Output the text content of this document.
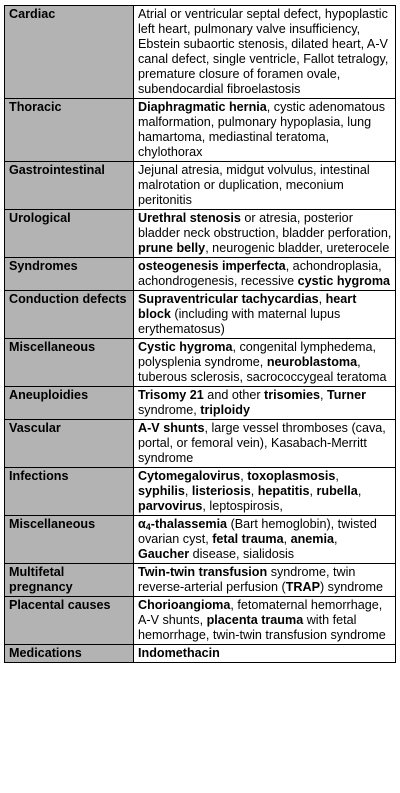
Cardiac	Atrial or ventricular septal defect, hypoplastic left heart, pulmonary valve insufficiency, Ebstein subaortic stenosis, dilated heart, A-V canal defect, single ventricle, Fallot tetralogy, premature closure of foramen ovale, subendocardial fibroelastosis
Thoracic	Diaphragmatic hernia, cystic adenomatous malformation, pulmonary hypoplasia, lung hamartoma, mediastinal teratoma, chylothorax
Gastrointestinal	Jejunal atresia, midgut volvulus, intestinal malrotation or duplication, meconium peritonitis
Urological	Urethral stenosis or atresia, posterior bladder neck obstruction, bladder perforation, prune belly, neurogenic bladder, ureterocele
Syndromes	osteogenesis imperfecta, achondroplasia, achondrogenesis, recessive cystic hygroma
Conduction defects	Supraventricular tachycardias, heart block (including with maternal lupus erythematosus)
Miscellaneous	Cystic hygroma, congenital lymphedema, polysplenia syndrome, neuroblastoma, tuberous sclerosis, sacrococcygeal teratoma
Aneuploidies	Trisomy 21 and other trisomies, Turner syndrome, triploidy
Vascular	A-V shunts, large vessel thromboses (cava, portal, or femoral vein), Kasabach-Merritt syndrome
Infections	Cytomegalovirus, toxoplasmosis, syphilis, listeriosis, hepatitis, rubella, parvovirus, leptospirosis,
Miscellaneous	$\alpha_4$-thalassemia (Bart hemoglobin), twisted ovarian cyst, fetal trauma, anemia, Gaucher disease, sialidosis
Multifetal pregnancy	Twin-twin transfusion syndrome, twin reverse-arterial perfusion (TRAP) syndrome
Placental causes	Chorioangioma, fetomaternal hemorrhage, A-V shunts, placenta trauma with fetal hemorrhage, twin-twin transfusion syndrome
Medications	Indomethacin
